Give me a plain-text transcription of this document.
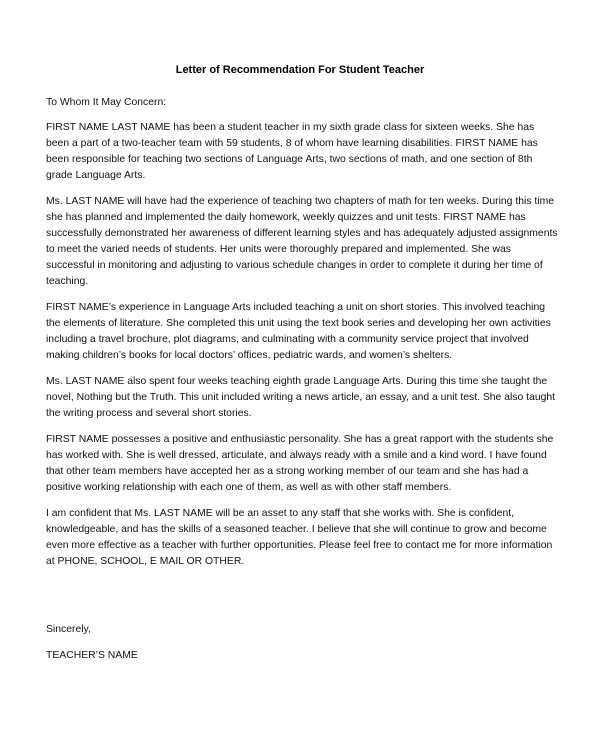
Letter of Recommendation For Student Teacher

To Whom It May Concern:

FIRST NAME LAST NAME has been a student teacher in my sixth grade class for sixteen weeks. She has been a part of a two-teacher team with 59 students, 8 of whom have learning disabilities. FIRST NAME has been responsible for teaching two sections of Language Arts, two sections of math, and one section of 8th grade Language Arts.

Ms. LAST NAME will have had the experience of teaching two chapters of math for ten weeks. During this time she has planned and implemented the daily homework, weekly quizzes and unit tests. FIRST NAME has successfully demonstrated her awareness of different learning styles and has adequately adjusted assignments to meet the varied needs of students. Her units were thoroughly prepared and implemented. She was successful in monitoring and adjusting to various schedule changes in order to complete it during her time of teaching.

FIRST NAME’s experience in Language Arts included teaching a unit on short stories. This involved teaching the elements of literature. She completed this unit using the text book series and developing her own activities including a travel brochure, plot diagrams, and culminating with a community service project that involved making children’s books for local doctors’ offices, pediatric wards, and women’s shelters.

Ms. LAST NAME also spent four weeks teaching eighth grade Language Arts. During this time she taught the novel, Nothing but the Truth. This unit included writing a news article, an essay, and a unit test. She also taught the writing process and several short stories.

FIRST NAME possesses a positive and enthusiastic personality. She has a great rapport with the students she has worked with. She is well dressed, articulate, and always ready with a smile and a kind word. I have found that other team members have accepted her as a strong working member of our team and she has had a positive working relationship with each one of them, as well as with other staff members.

I am confident that Ms. LAST NAME will be an asset to any staff that she works with. She is confident, knowledgeable, and has the skills of a seasoned teacher. I believe that she will continue to grow and become even more effective as a teacher with further opportunities. Please feel free to contact me for more information at PHONE, SCHOOL, E MAIL OR OTHER.

Sincerely,

TEACHER’S NAME
